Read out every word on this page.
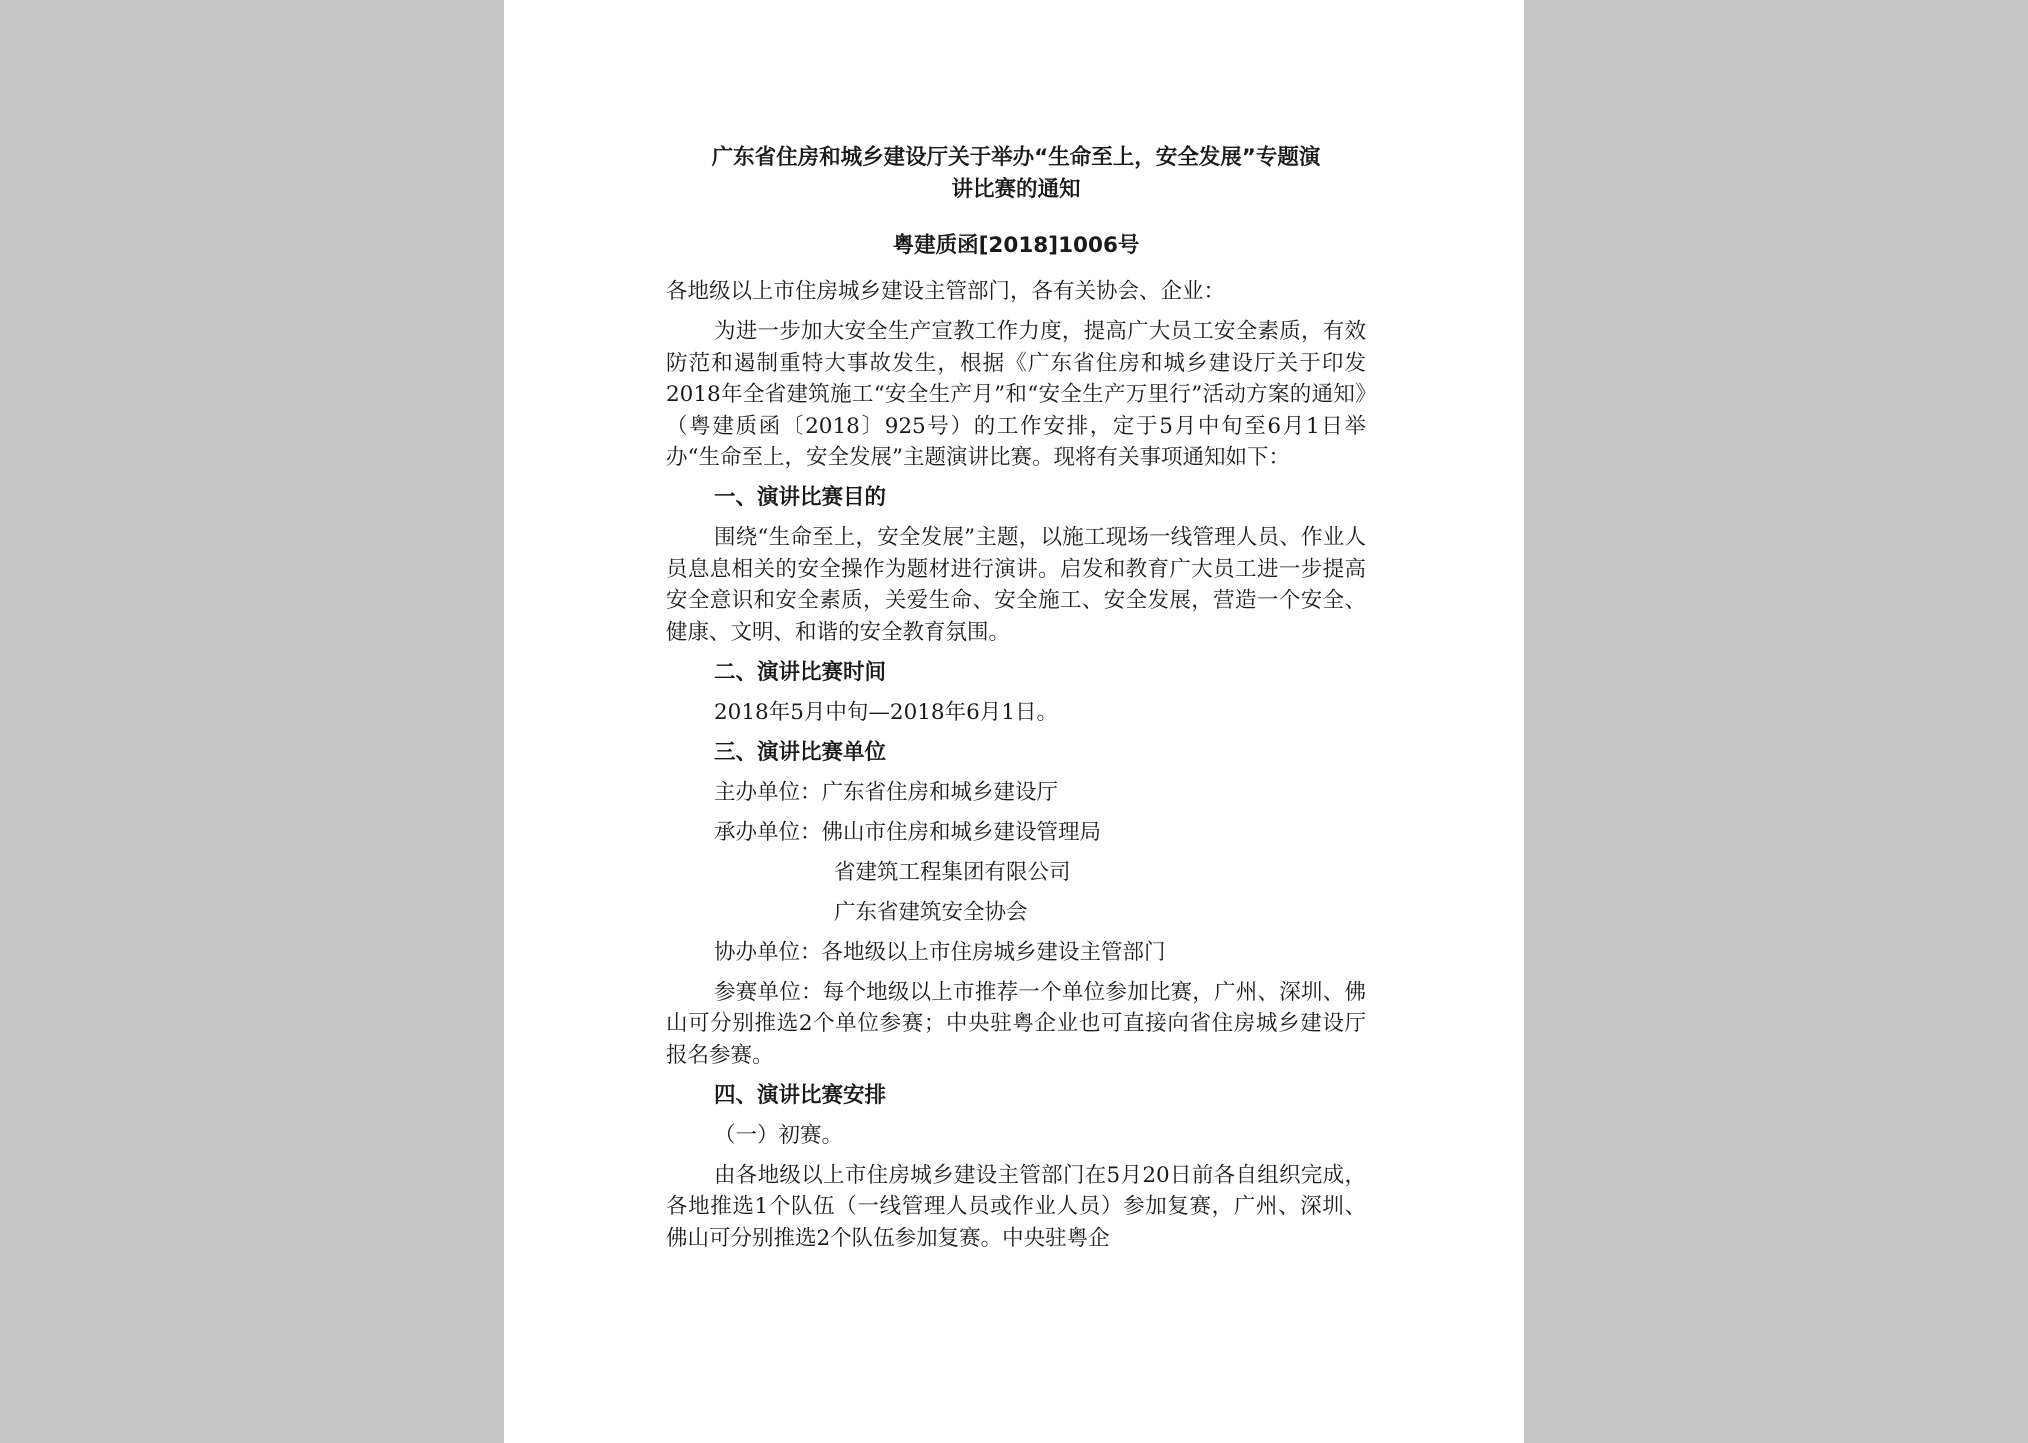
广东省住房和城乡建设厅关于举办“生命至上，安全发展”专题演
讲比赛的通知

粤建质函[2018]1006号

各地级以上市住房城乡建设主管部门，各有关协会、企业：

为进一步加大安全生产宣教工作力度，提高广大员工安全素质，有效防范和遏制重特大事故发生，根据《广东省住房和城乡建设厅关于印发2018年全省建筑施工“安全生产月”和“安全生产万里行”活动方案的通知》（粤建质函〔2018〕925号）的工作安排，定于5月中旬至6月1日举办“生命至上，安全发展”主题演讲比赛。现将有关事项通知如下：

一、演讲比赛目的

围绕“生命至上，安全发展”主题，以施工现场一线管理人员、作业人员息息相关的安全操作为题材进行演讲。启发和教育广大员工进一步提高安全意识和安全素质，关爱生命、安全施工、安全发展，营造一个安全、健康、文明、和谐的安全教育氛围。

二、演讲比赛时间

2018年5月中旬—2018年6月1日。

三、演讲比赛单位

主办单位：广东省住房和城乡建设厅

承办单位：佛山市住房和城乡建设管理局

省建筑工程集团有限公司

广东省建筑安全协会

协办单位：各地级以上市住房城乡建设主管部门

参赛单位：每个地级以上市推荐一个单位参加比赛，广州、深圳、佛山可分别推选2个单位参赛；中央驻粤企业也可直接向省住房城乡建设厅报名参赛。

四、演讲比赛安排

（一）初赛。

由各地级以上市住房城乡建设主管部门在5月20日前各自组织完成，各地推选1个队伍（一线管理人员或作业人员）参加复赛，广州、深圳、佛山可分别推选2个队伍参加复赛。中央驻粤企
